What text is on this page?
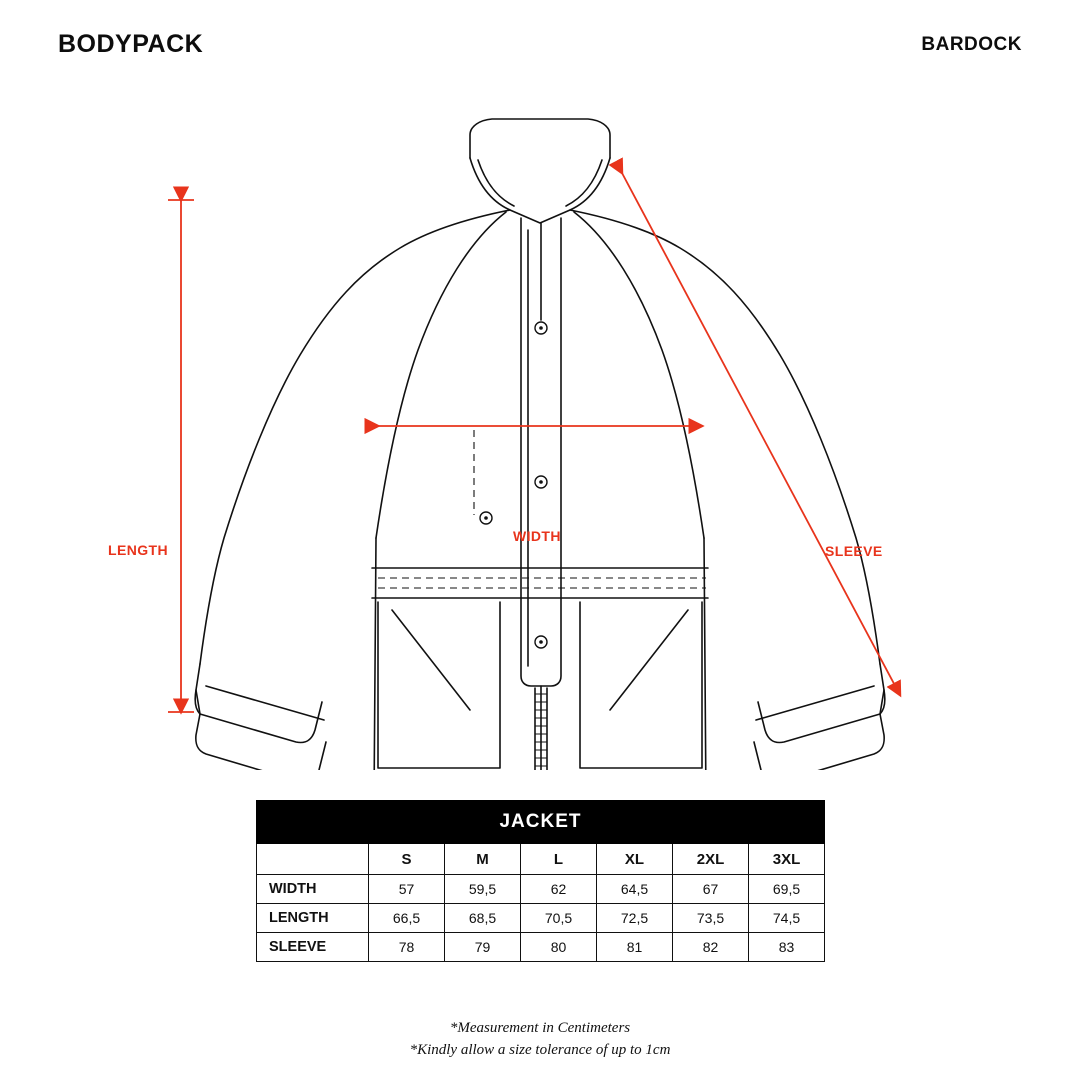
BODYPACK	BARDOCK
LENGTH
WIDTH
SLEEVE
JACKET						
	S	M	L	XL	2XL	3XL
WIDTH	57	59,5	62	64,5	67	69,5
LENGTH	66,5	68,5	70,5	72,5	73,5	74,5
SLEEVE	78	79	80	81	82	83
*Measurement in Centimeters
*Kindly allow a size tolerance of up to 1cm
